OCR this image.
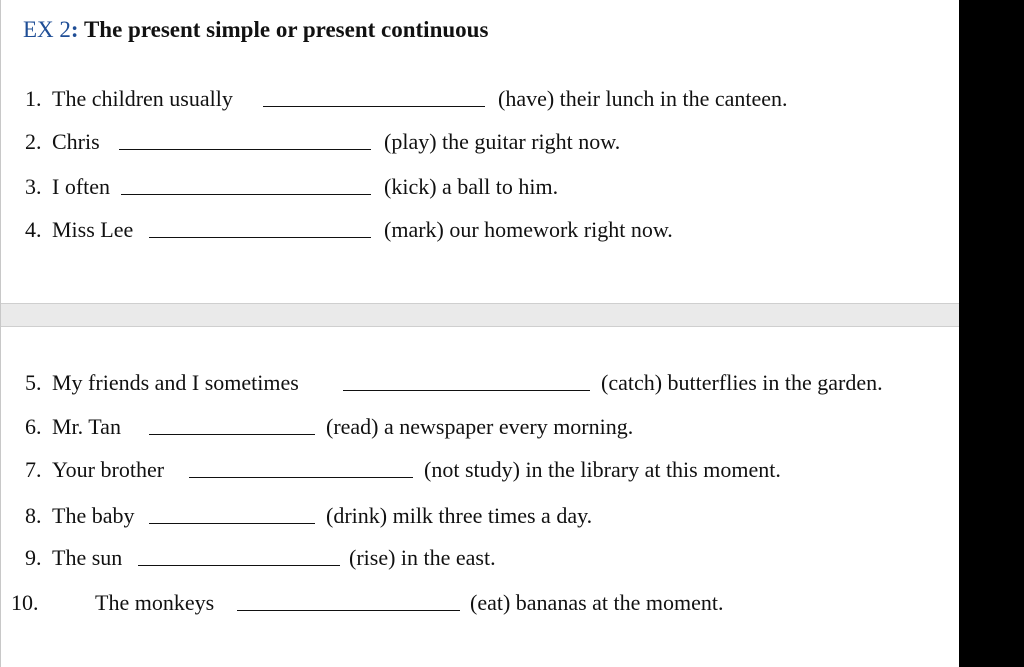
EX 2: The present simple or present continuous
1. The children usually	(have) their lunch in the canteen.
2. Chris	(play) the guitar right now.
3. I often	(kick) a ball to him.
4. Miss Lee	(mark) our homework right now.
5. My friends and I sometimes	(catch) butterflies in the garden.
6. Mr. Tan	(read) a newspaper every morning.
7. Your brother	(not study) in the library at this moment.
8. The baby	(drink) milk three times a day.
9. The sun	(rise) in the east.
10.	The monkeys	(eat) bananas at the moment.
